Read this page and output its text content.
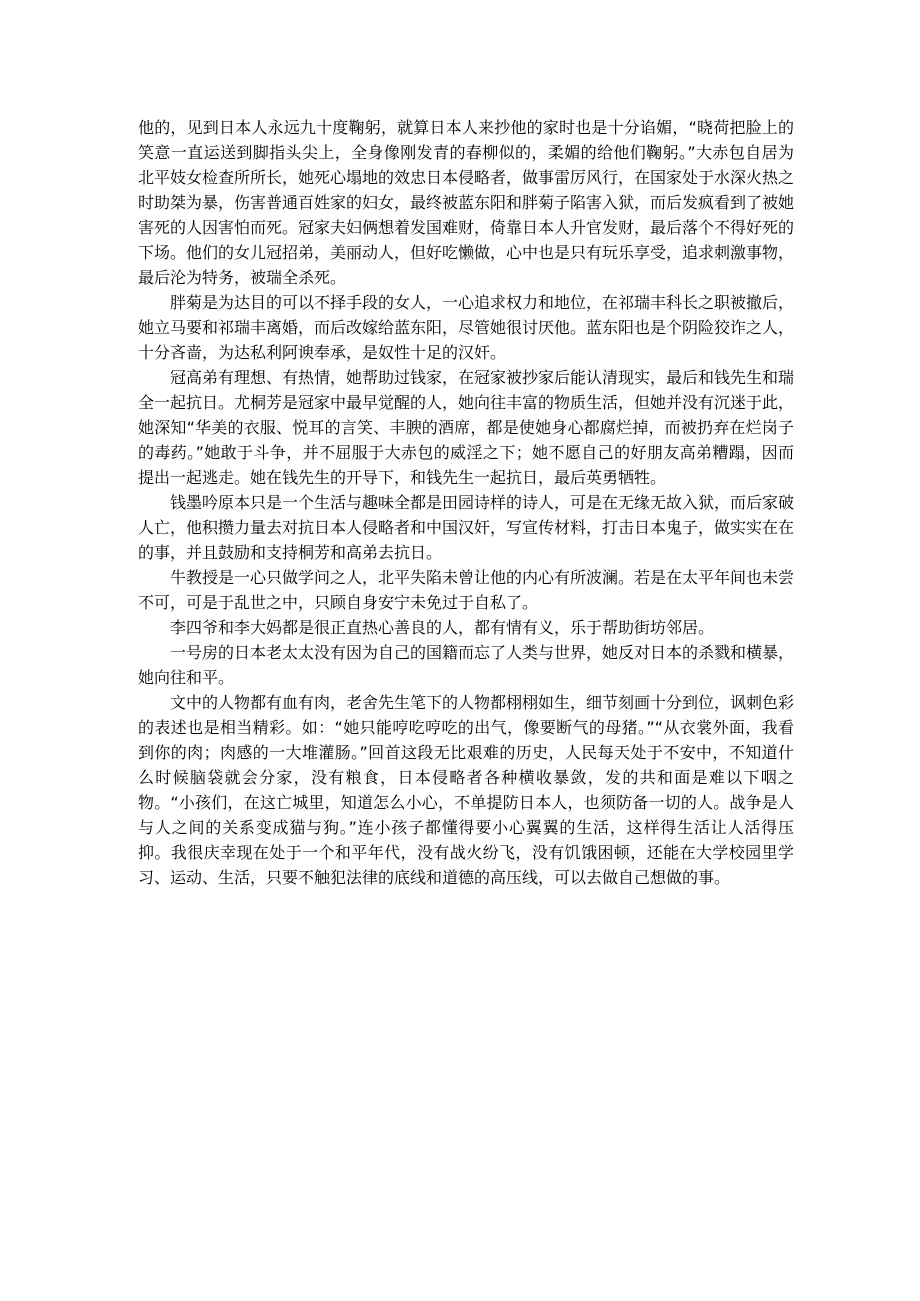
他的，见到日本人永远九十度鞠躬，就算日本人来抄他的家时也是十分谄媚，“晓荷把脸上的笑意一直运送到脚指头尖上，全身像刚发青的春柳似的，柔媚的给他们鞠躬。”大赤包自居为北平妓女检查所所长，她死心塌地的效忠日本侵略者，做事雷厉风行，在国家处于水深火热之时助桀为暴，伤害普通百姓家的妇女，最终被蓝东阳和胖菊子陷害入狱，而后发疯看到了被她害死的人因害怕而死。冠家夫妇俩想着发国难财，倚靠日本人升官发财，最后落个不得好死的下场。他们的女儿冠招弟，美丽动人，但好吃懒做，心中也是只有玩乐享受，追求刺激事物，最后沦为特务，被瑞全杀死。

胖菊是为达目的可以不择手段的女人，一心追求权力和地位，在祁瑞丰科长之职被撤后，她立马要和祁瑞丰离婚，而后改嫁给蓝东阳，尽管她很讨厌他。蓝东阳也是个阴险狡诈之人，十分吝啬，为达私利阿谀奉承，是奴性十足的汉奸。

冠高弟有理想、有热情，她帮助过钱家，在冠家被抄家后能认清现实，最后和钱先生和瑞全一起抗日。尤桐芳是冠家中最早觉醒的人，她向往丰富的物质生活，但她并没有沉迷于此，她深知“华美的衣服、悦耳的言笑、丰腴的酒席，都是使她身心都腐烂掉，而被扔弃在烂岗子的毒药。”她敢于斗争，并不屈服于大赤包的威淫之下；她不愿自己的好朋友高弟糟蹋，因而提出一起逃走。她在钱先生的开导下，和钱先生一起抗日，最后英勇牺牲。

钱墨吟原本只是一个生活与趣味全都是田园诗样的诗人，可是在无缘无故入狱，而后家破人亡，他积攒力量去对抗日本人侵略者和中国汉奸，写宣传材料，打击日本鬼子，做实实在在的事，并且鼓励和支持桐芳和高弟去抗日。

牛教授是一心只做学问之人，北平失陷未曾让他的内心有所波澜。若是在太平年间也未尝不可，可是于乱世之中，只顾自身安宁未免过于自私了。

李四爷和李大妈都是很正直热心善良的人，都有情有义，乐于帮助街坊邻居。

一号房的日本老太太没有因为自己的国籍而忘了人类与世界，她反对日本的杀戮和横暴，她向往和平。

文中的人物都有血有肉，老舍先生笔下的人物都栩栩如生，细节刻画十分到位，讽刺色彩的表述也是相当精彩。如：“她只能哼吃哼吃的出气，像要断气的母猪。”“从衣裳外面，我看到你的肉；肉感的一大堆灌肠。”回首这段无比艰难的历史，人民每天处于不安中，不知道什么时候脑袋就会分家，没有粮食，日本侵略者各种横收暴敛，发的共和面是难以下咽之物。“小孩们，在这亡城里，知道怎么小心，不单提防日本人，也须防备一切的人。战争是人与人之间的关系变成猫与狗。”连小孩子都懂得要小心翼翼的生活，这样得生活让人活得压抑。我很庆幸现在处于一个和平年代，没有战火纷飞，没有饥饿困顿，还能在大学校园里学习、运动、生活，只要不触犯法律的底线和道德的高压线，可以去做自己想做的事。
